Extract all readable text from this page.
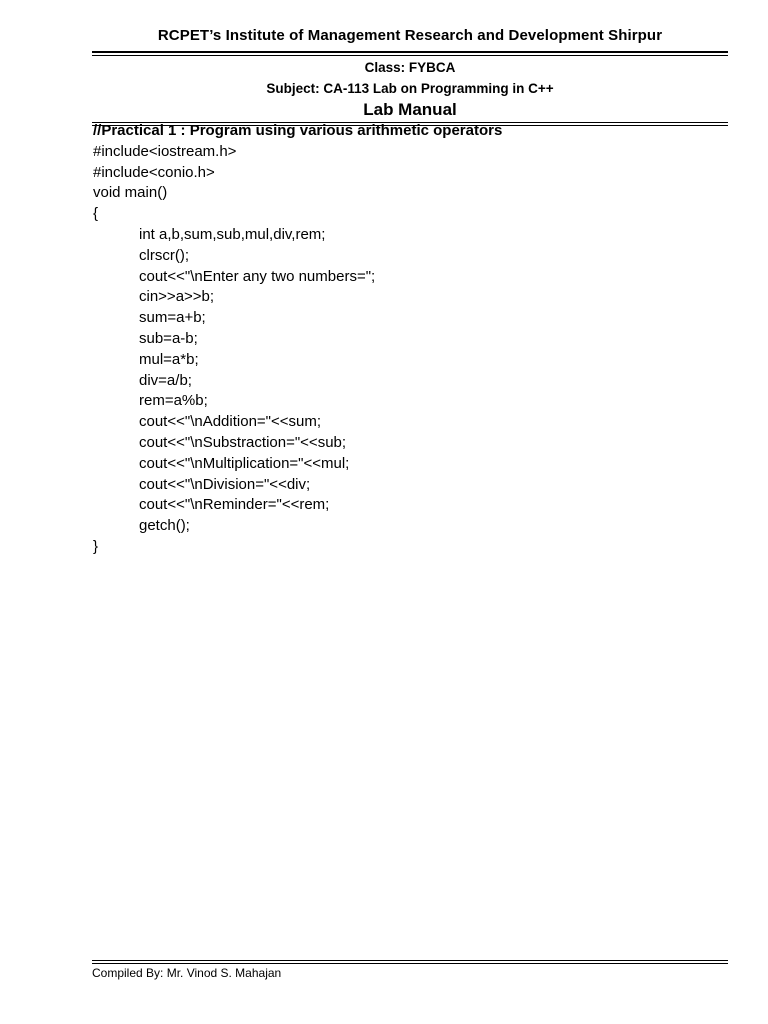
RCPET’s Institute of Management Research and Development Shirpur
Class: FYBCA
Subject: CA-113 Lab on Programming in C++
Lab Manual
//Practical 1 : Program using various arithmetic operators
#include<iostream.h>
#include<conio.h>
void main()
{
int a,b,sum,sub,mul,div,rem;
clrscr();
cout<<"\nEnter any two numbers=";
cin>>a>>b;
sum=a+b;
sub=a-b;
mul=a*b;
div=a/b;
rem=a%b;
cout<<"\nAddition="<<sum;
cout<<"\nSubstraction="<<sub;
cout<<"\nMultiplication="<<mul;
cout<<"\nDivision="<<div;
cout<<"\nReminder="<<rem;
getch();
}
Compiled By: Mr. Vinod S. Mahajan
